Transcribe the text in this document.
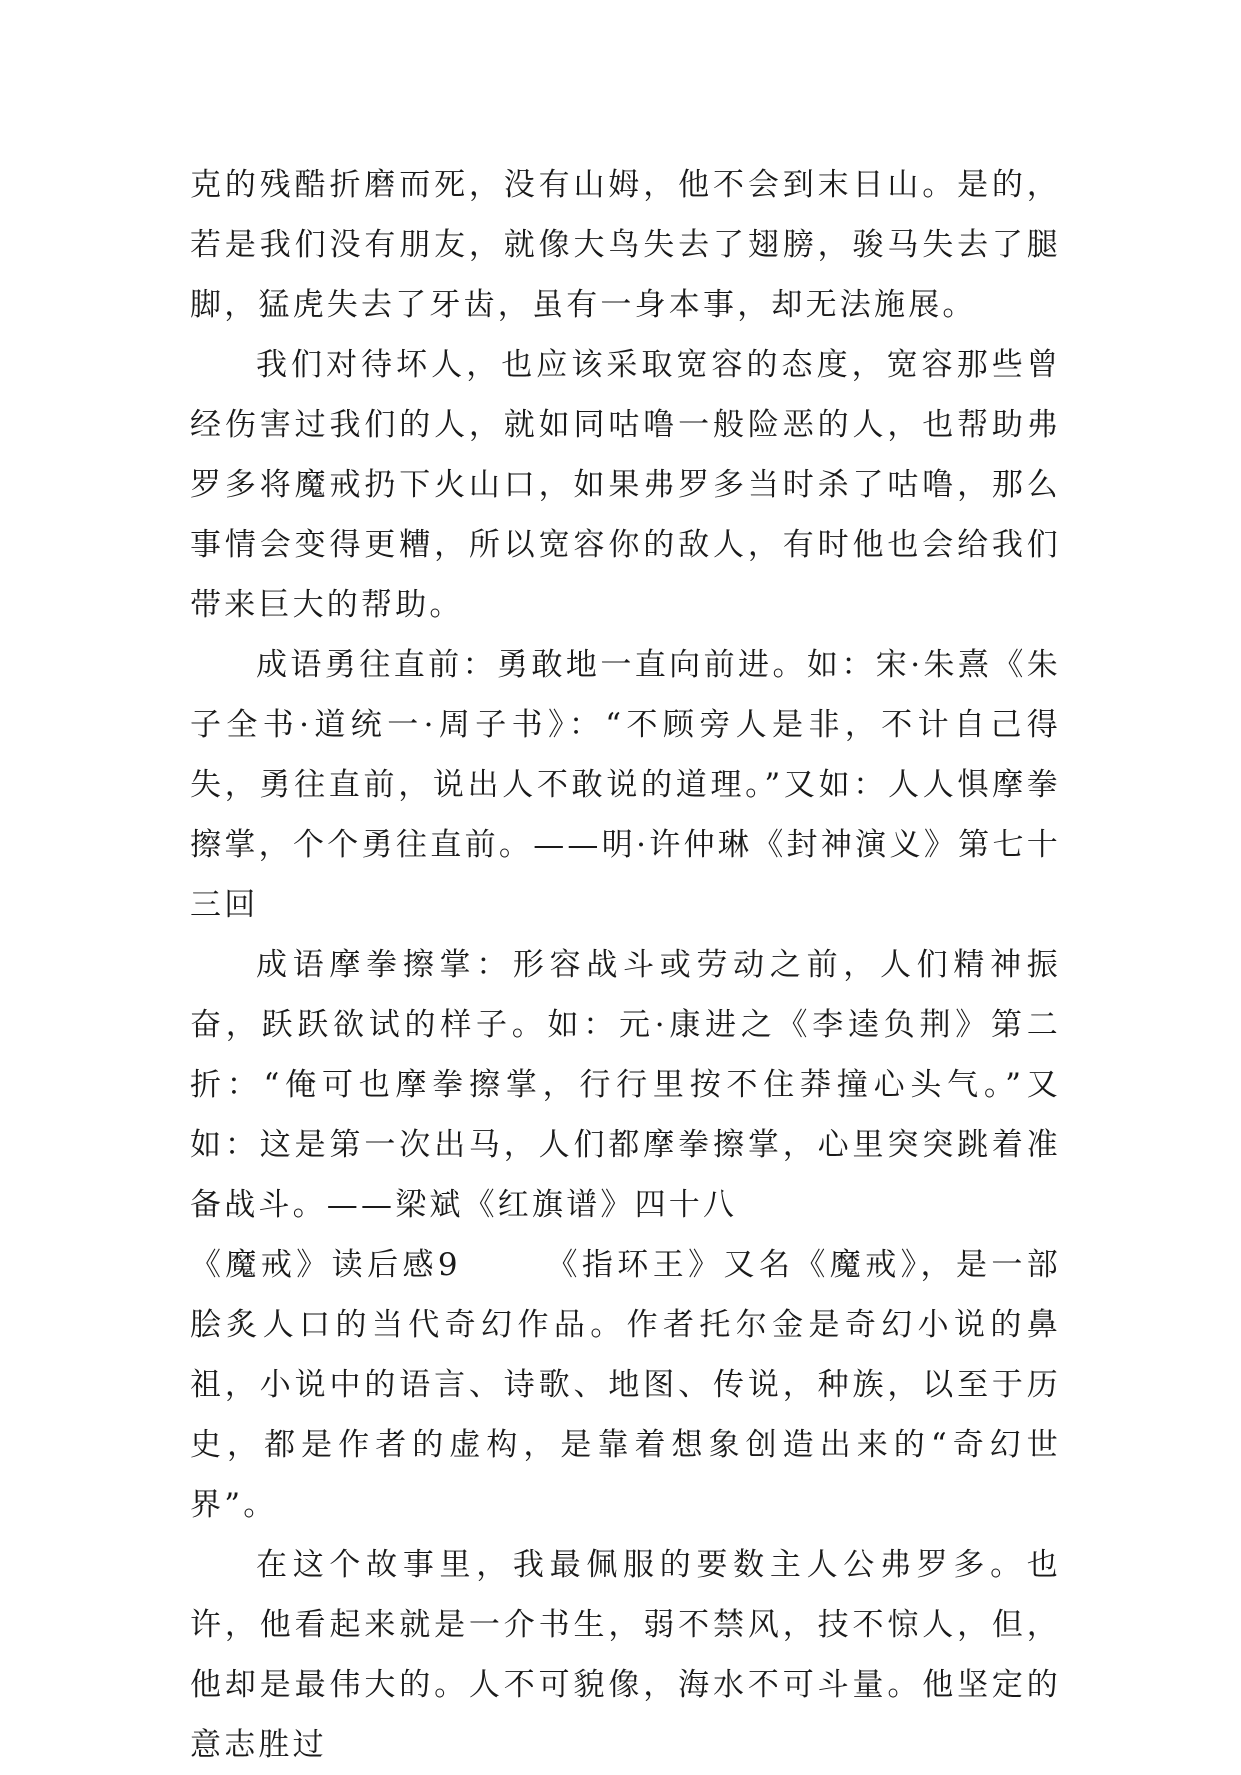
克的残酷折磨而死，没有山姆，他不会到末日山。是的，若是我们没有朋友，就像大鸟失去了翅膀，骏马失去了腿脚，猛虎失去了牙齿，虽有一身本事，却无法施展。

我们对待坏人，也应该采取宽容的态度，宽容那些曾经伤害过我们的人，就如同咕噜一般险恶的人，也帮助弗罗多将魔戒扔下火山口，如果弗罗多当时杀了咕噜，那么事情会变得更糟，所以宽容你的敌人，有时他也会给我们带来巨大的帮助。

成语勇往直前：勇敢地一直向前进。如：宋·朱熹《朱子全书·道统一·周子书》：“不顾旁人是非，不计自己得失，勇往直前，说出人不敢说的道理。”又如：人人惧摩拳擦掌，个个勇往直前。——明·许仲琳《封神演义》第七十三回

成语摩拳擦掌：形容战斗或劳动之前，人们精神振奋，跃跃欲试的样子。如：元·康进之《李逵负荆》第二折：“俺可也摩拳擦掌，行行里按不住莽撞心头气。”又如：这是第一次出马，人们都摩拳擦掌，心里突突跳着准备战斗。——梁斌《红旗谱》四十八

《魔戒》读后感9	《指环王》又名《魔戒》，是一部脍炙人口的当代奇幻作品。作者托尔金是奇幻小说的鼻祖，小说中的语言、诗歌、地图、传说，种族，以至于历史，都是作者的虚构，是靠着想象创造出来的“奇幻世界”。

在这个故事里，我最佩服的要数主人公弗罗多。也许，他看起来就是一介书生，弱不禁风，技不惊人，但，他却是最伟大的。人不可貌像，海水不可斗量。他坚定的意志胜过
